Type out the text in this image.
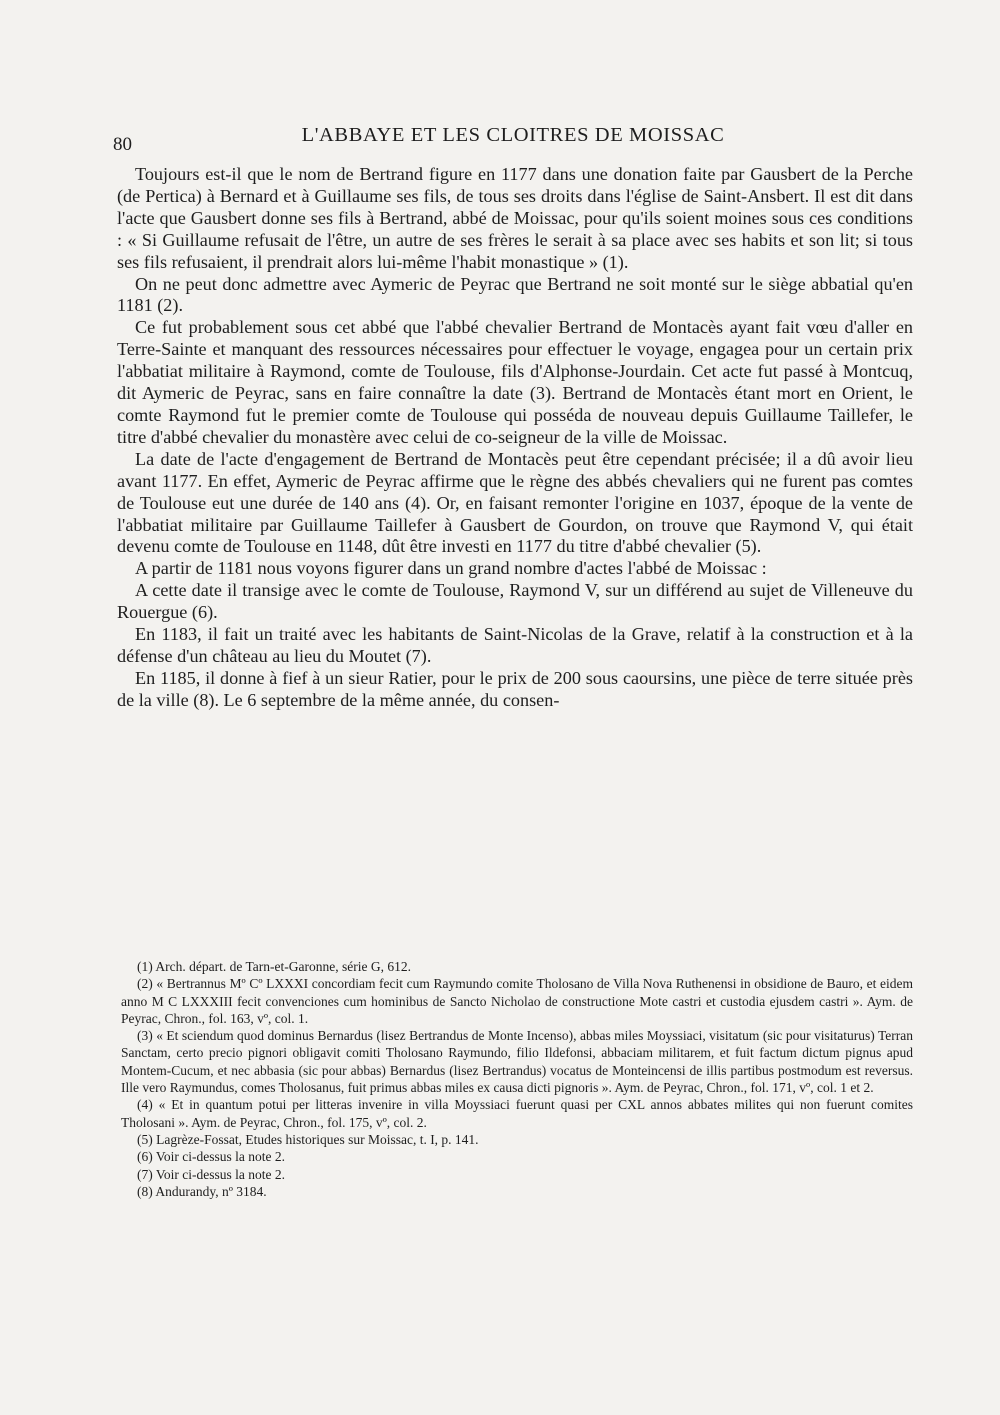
80	L'ABBAYE ET LES CLOITRES DE MOISSAC

Toujours est-il que le nom de Bertrand figure en 1177 dans une donation faite par Gausbert de la Perche (de Pertica) à Bernard et à Guillaume ses fils, de tous ses droits dans l'église de Saint-Ansbert. Il est dit dans l'acte que Gausbert donne ses fils à Bertrand, abbé de Moissac, pour qu'ils soient moines sous ces conditions : « Si Guillaume refusait de l'être, un autre de ses frères le serait à sa place avec ses habits et son lit; si tous ses fils refusaient, il prendrait alors lui-même l'habit monastique » (1).

On ne peut donc admettre avec Aymeric de Peyrac que Bertrand ne soit monté sur le siège abbatial qu'en 1181 (2).

Ce fut probablement sous cet abbé que l'abbé chevalier Bertrand de Montacès ayant fait vœu d'aller en Terre-Sainte et manquant des ressources nécessaires pour effectuer le voyage, engagea pour un certain prix l'abbatiat militaire à Raymond, comte de Toulouse, fils d'Alphonse-Jourdain. Cet acte fut passé à Montcuq, dit Aymeric de Peyrac, sans en faire connaître la date (3). Bertrand de Montacès étant mort en Orient, le comte Raymond fut le premier comte de Toulouse qui posséda de nouveau depuis Guillaume Taillefer, le titre d'abbé chevalier du monastère avec celui de co-seigneur de la ville de Moissac.

La date de l'acte d'engagement de Bertrand de Montacès peut être cependant précisée; il a dû avoir lieu avant 1177. En effet, Aymeric de Peyrac affirme que le règne des abbés chevaliers qui ne furent pas comtes de Toulouse eut une durée de 140 ans (4). Or, en faisant remonter l'origine en 1037, époque de la vente de l'abbatiat militaire par Guillaume Taillefer à Gausbert de Gourdon, on trouve que Raymond V, qui était devenu comte de Toulouse en 1148, dût être investi en 1177 du titre d'abbé chevalier (5).

A partir de 1181 nous voyons figurer dans un grand nombre d'actes l'abbé de Moissac :

A cette date il transige avec le comte de Toulouse, Raymond V, sur un différend au sujet de Villeneuve du Rouergue (6).

En 1183, il fait un traité avec les habitants de Saint-Nicolas de la Grave, relatif à la construction et à la défense d'un château au lieu du Moutet (7).

En 1185, il donne à fief à un sieur Ratier, pour le prix de 200 sous caoursins, une pièce de terre située près de la ville (8). Le 6 septembre de la même année, du consen-

(1) Arch. départ. de Tarn-et-Garonne, série G, 612.

(2) « Bertrannus Mº Cº LXXXI concordiam fecit cum Raymundo comite Tholosano de Villa Nova Ruthenensi in obsidione de Bauro, et eidem anno M C LXXXIII fecit convenciones cum hominibus de Sancto Nicholao de constructione Mote castri et custodia ejusdem castri ». Aym. de Peyrac, Chron., fol. 163, vº, col. 1.

(3) « Et sciendum quod dominus Bernardus (lisez Bertrandus de Monte Incenso), abbas miles Moyssiaci, visitatum (sic pour visitaturus) Terran Sanctam, certo precio pignori obligavit comiti Tholosano Raymundo, filio Ildefonsi, abbaciam militarem, et fuit factum dictum pignus apud Montem-Cucum, et nec abbasia (sic pour abbas) Bernardus (lisez Bertrandus) vocatus de Monteincensi de illis partibus postmodum est reversus. Ille vero Raymundus, comes Tholosanus, fuit primus abbas miles ex causa dicti pignoris ». Aym. de Peyrac, Chron., fol. 171, vº, col. 1 et 2.

(4) « Et in quantum potui per litteras invenire in villa Moyssiaci fuerunt quasi per CXL annos abbates milites qui non fuerunt comites Tholosani ». Aym. de Peyrac, Chron., fol. 175, vº, col. 2.

(5) Lagrèze-Fossat, Etudes historiques sur Moissac, t. I, p. 141.

(6) Voir ci-dessus la note 2.

(7) Voir ci-dessus la note 2.

(8) Andurandy, nº 3184.
